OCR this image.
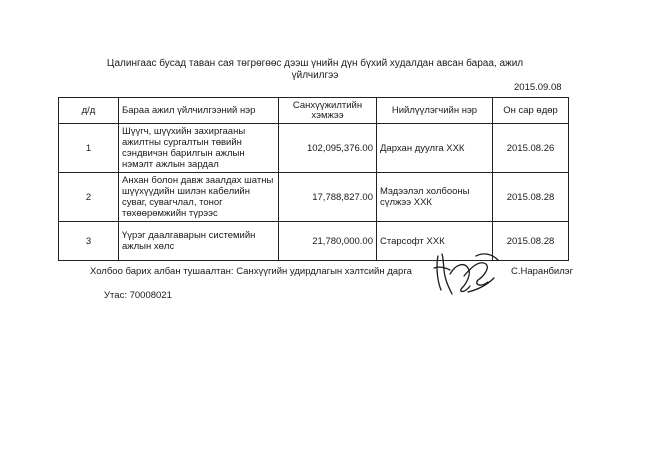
Цалингаас бусад таван сая төгрөгөөс дээш үнийн дүн бүхий худалдан авсан бараа, ажил үйлчилгээ
2015.09.08
д/д	Бараа ажил үйлчилгээний нэр	Санхүүжилтийн хэмжээ	Нийлүүлэгчийн нэр	Он сар өдөр
1	Шүүгч, шүүхийн захиргааны ажилтны сургалтын төвийн сэндвичэн барилгын ажлын нэмэлт ажлын зардал	102,095,376.00	Дархан дуулга ХХК	2015.08.26
2	Анхан болон давж заалдах шатны шүүхүүдийн шилэн кабелийн суваг, сувагчлал, тоног төхөөрөмжийн түрээс	17,788,827.00	Мэдээлэл холбооны сүлжээ ХХК	2015.08.28
3	Үүрэг даалгаварын системийн ажлын хөлс	21,780,000.00	Старсофт ХХК	2015.08.28
Холбоо барих албан тушаалтан: Санхүүгийн удирдлагын хэлтсийн дарга	С.Наранбилэг
Утас: 70008021
